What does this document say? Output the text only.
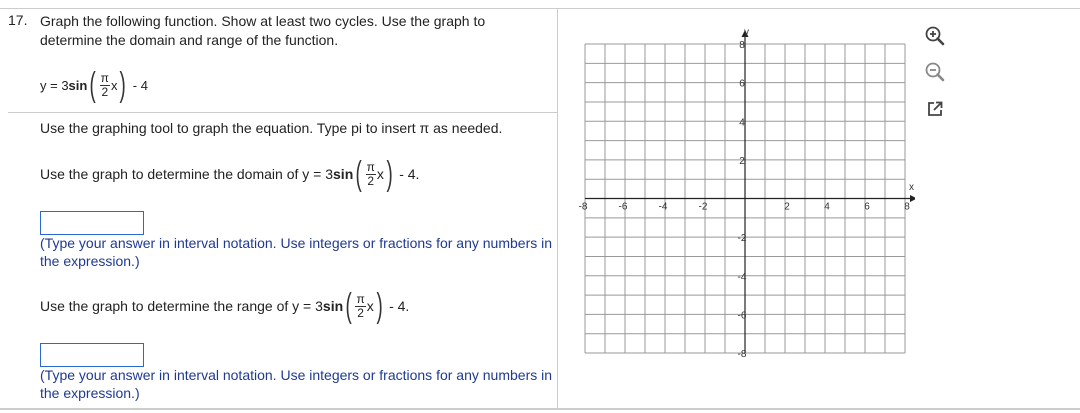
17. Graph the following function. Show at least two cycles. Use the graph to determine the domain and range of the function.
y = 3 sin ( $\frac{\pi}{2}$ x ) - 4
Use the graphing tool to graph the equation. Type pi to insert π as needed.
Use the graph to determine the domain of y = 3 sin ( $\frac{\pi}{2}$ x ) - 4.
(Type your answer in interval notation. Use integers or fractions for any numbers in the expression.)
Use the graph to determine the range of y = 3 sin ( $\frac{\pi}{2}$ x ) - 4.
(Type your answer in interval notation. Use integers or fractions for any numbers in the expression.)
-8	-6	-4	-2	2	4	6	8
8
6
4
2
-2
-4
-6
-8
x
y
